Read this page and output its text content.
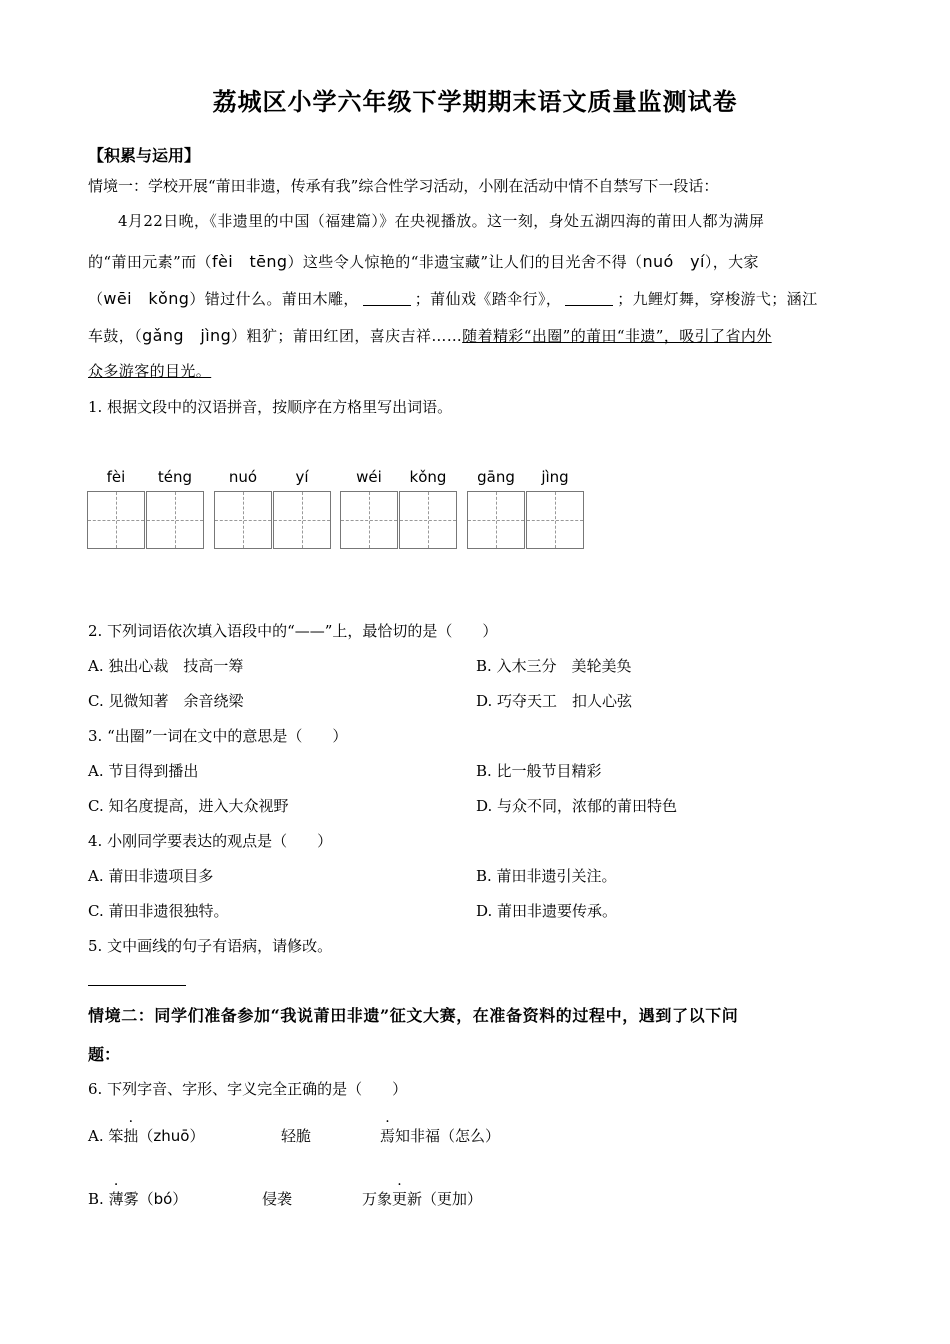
荔城区小学六年级下学期期末语文质量监测试卷
【积累与运用】
情境一：学校开展“莆田非遗，传承有我”综合性学习活动，小刚在活动中情不自禁写下一段话：
4月22日晚，《非遗里的中国（福建篇）》在央视播放。这一刻，身处五湖四海的莆田人都为满屏
的“莆田元素”而（fèi　tēng）这些令人惊艳的“非遗宝藏”让人们的目光舍不得（nuó　yí），大家
（wēi　kǒng）错过什么。莆田木雕，	；莆仙戏《踏伞行》，	；九鲤灯舞，穿梭游弋；涵江
车鼓，（gǎng　jìng）粗犷；莆田红团，喜庆吉祥……随着精彩“出圈”的莆田“非遗”，吸引了省内外
众多游客的目光。
1. 根据文段中的汉语拼音，按顺序在方格里写出词语。
fèi	téng	nuó	yí	wéi	kǒng	gāng	jìng
2. 下列词语依次填入语段中的“——”上，最恰切的是（　　）
A. 独出心裁　技高一筹	B. 入木三分　美轮美奂
C. 见微知著　余音绕梁	D. 巧夺天工　扣人心弦
3. “出圈”一词在文中的意思是（　　）
A. 节目得到播出	B. 比一般节目精彩
C. 知名度提高，进入大众视野	D. 与众不同，浓郁的莆田特色
4. 小刚同学要表达的观点是（　　）
A. 莆田非遗项目多	B. 莆田非遗引关注。
C. 莆田非遗很独特。	D. 莆田非遗要传承。
5. 文中画线的句子有语病，请修改。
情境二：同学们准备参加“我说莆田非遗”征文大赛，在准备资料的过程中，遇到了以下问
题：
6. 下列字音、字形、字义完全正确的是（　　）
A. 笨拙（zhuō）	轻脆	焉知非福（怎么）
B. 薄雾（bó）	侵袭	万象更新（更加）
